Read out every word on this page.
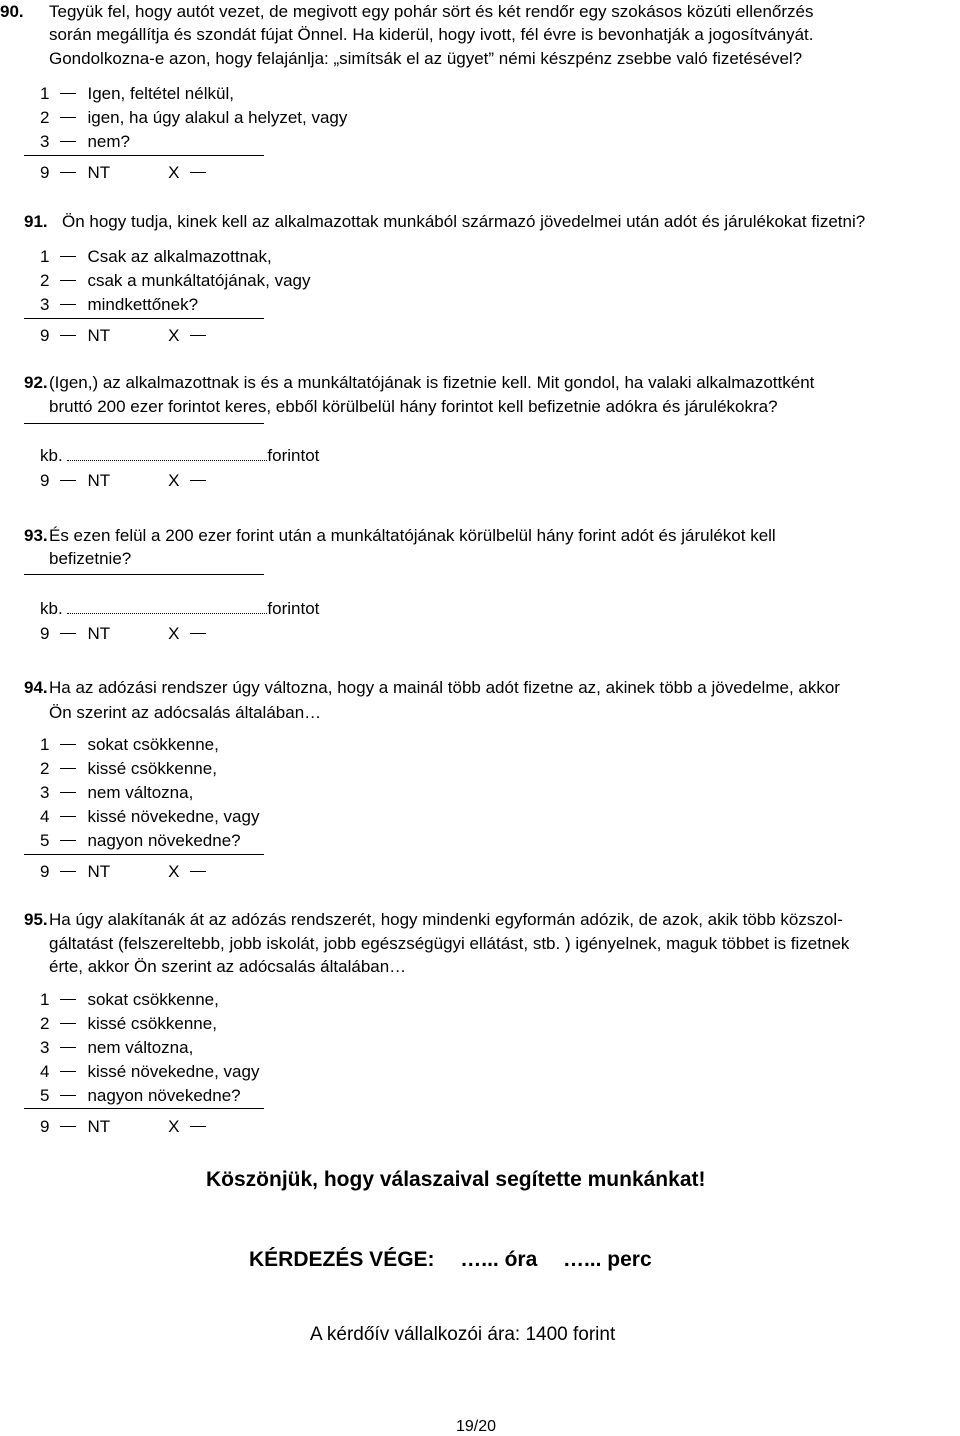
90. Tegyük fel, hogy autót vezet, de megivott egy pohár sört és két rendőr egy szokásos közúti ellenőrzés
során megállítja és szondát fújat Önnel. Ha kiderül, hogy ivott, fél évre is bevonhatják a jogosítványát.
Gondolkozna-e azon, hogy felajánlja: „simítsák el az ügyet” némi készpénz zsebbe való fizetésével?
1 Igen, feltétel nélkül,
2 igen, ha úgy alakul a helyzet, vagy
3 nem?
9 NT	X
91. Ön hogy tudja, kinek kell az alkalmazottak munkából származó jövedelmei után adót és járulékokat fizetni?
1 Csak az alkalmazottnak,
2 csak a munkáltatójának, vagy
3 mindkettőnek?
9 NT	X
92. (Igen,) az alkalmazottnak is és a munkáltatójának is fizetnie kell. Mit gondol, ha valaki alkalmazottként
bruttó 200 ezer forintot keres, ebből körülbelül hány forintot kell befizetnie adókra és járulékokra?
kb.	forintot
9 NT	X
93. És ezen felül a 200 ezer forint után a munkáltatójának körülbelül hány forint adót és járulékot kell
befizetnie?
kb.	forintot
9 NT	X
94. Ha az adózási rendszer úgy változna, hogy a mainál több adót fizetne az, akinek több a jövedelme, akkor
Ön szerint az adócsalás általában…
1 sokat csökkenne,
2 kissé csökkenne,
3 nem változna,
4 kissé növekedne, vagy
5 nagyon növekedne?
9 NT	X
95. Ha úgy alakítanák át az adózás rendszerét, hogy mindenki egyformán adózik, de azok, akik több közszol-
gáltatást (felszereltebb, jobb iskolát, jobb egészségügyi ellátást, stb. ) igényelnek, maguk többet is fizetnek
érte, akkor Ön szerint az adócsalás általában…
1 sokat csökkenne,
2 kissé csökkenne,
3 nem változna,
4 kissé növekedne, vagy
5 nagyon növekedne?
9 NT	X
Köszönjük, hogy válaszaival segítette munkánkat!
KÉRDEZÉS VÉGE: …... óra …... perc
A kérdőív vállalkozói ára: 1400 forint
19/20
